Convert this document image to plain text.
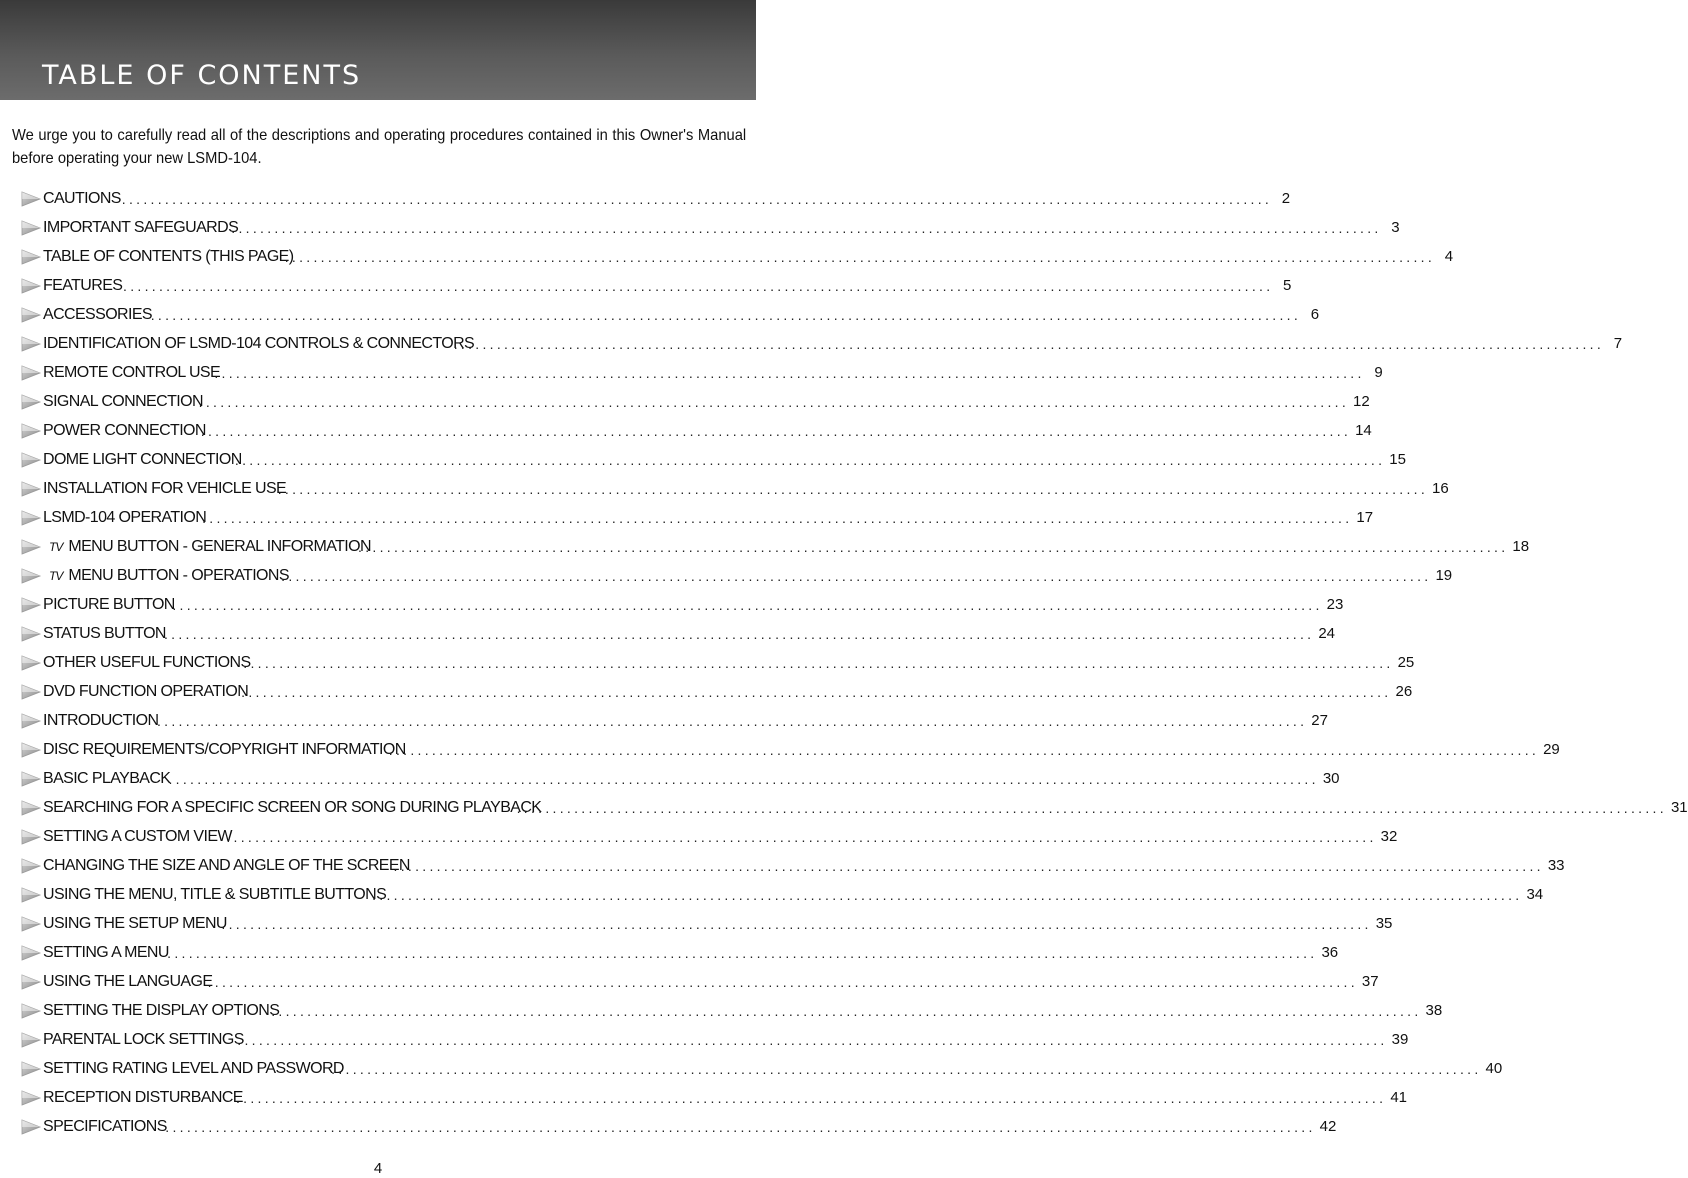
TABLE OF CONTENTS
We urge you to carefully read all of the descriptions and operating procedures contained in this Owner's Manual before operating your new LSMD-104.
CAUTIONS ................................................................................................................................................................ 2
IMPORTANT SAFEGUARDS
................................................................................................................................................................ 3
TABLE OF CONTENTS (THIS PAGE)
................................................................................................................................................................ 4
FEATURES ................................................................................................................................................................ 5
ACCESSORIES
................................................................................................................................................................ 6
IDENTIFICATION OF LSMD-104 CONTROLS & CONNECTORS
................................................................................................................................................................ 7
REMOTE CONTROL USE
................................................................................................................................................................ 9
SIGNAL CONNECTION
................................................................................................................................................................ 12
POWER CONNECTION
................................................................................................................................................................ 14
DOME LIGHT CONNECTION
................................................................................................................................................................ 15
INSTALLATION FOR VEHICLE USE
................................................................................................................................................................ 16
LSMD-104 OPERATION
................................................................................................................................................................ 17
TV MENU BUTTON - GENERAL INFORMATION
................................................................................................................................................................ 18
TV MENU BUTTON - OPERATIONS
................................................................................................................................................................ 19
PICTURE BUTTON
................................................................................................................................................................ 23
STATUS BUTTON
................................................................................................................................................................ 24
OTHER USEFUL FUNCTIONS
................................................................................................................................................................ 25
DVD FUNCTION OPERATION
................................................................................................................................................................ 26
INTRODUCTION
................................................................................................................................................................ 27
DISC REQUIREMENTS/COPYRIGHT INFORMATION
................................................................................................................................................................ 29
BASIC PLAYBACK
................................................................................................................................................................ 30
SEARCHING FOR A SPECIFIC SCREEN OR SONG DURING PLAYBACK
................................................................................................................................................................ 31
SETTING A CUSTOM VIEW
................................................................................................................................................................ 32
CHANGING THE SIZE AND ANGLE OF THE SCREEN
................................................................................................................................................................ 33
USING THE MENU, TITLE & SUBTITLE BUTTONS
................................................................................................................................................................ 34
USING THE SETUP MENU
................................................................................................................................................................ 35
SETTING A MENU
................................................................................................................................................................ 36
USING THE LANGUAGE
................................................................................................................................................................ 37
SETTING THE DISPLAY OPTIONS
................................................................................................................................................................ 38
PARENTAL LOCK SETTINGS
................................................................................................................................................................ 39
SETTING RATING LEVEL AND PASSWORD
................................................................................................................................................................ 40
RECEPTION DISTURBANCE
................................................................................................................................................................ 41
SPECIFICATIONS
................................................................................................................................................................ 42
4
